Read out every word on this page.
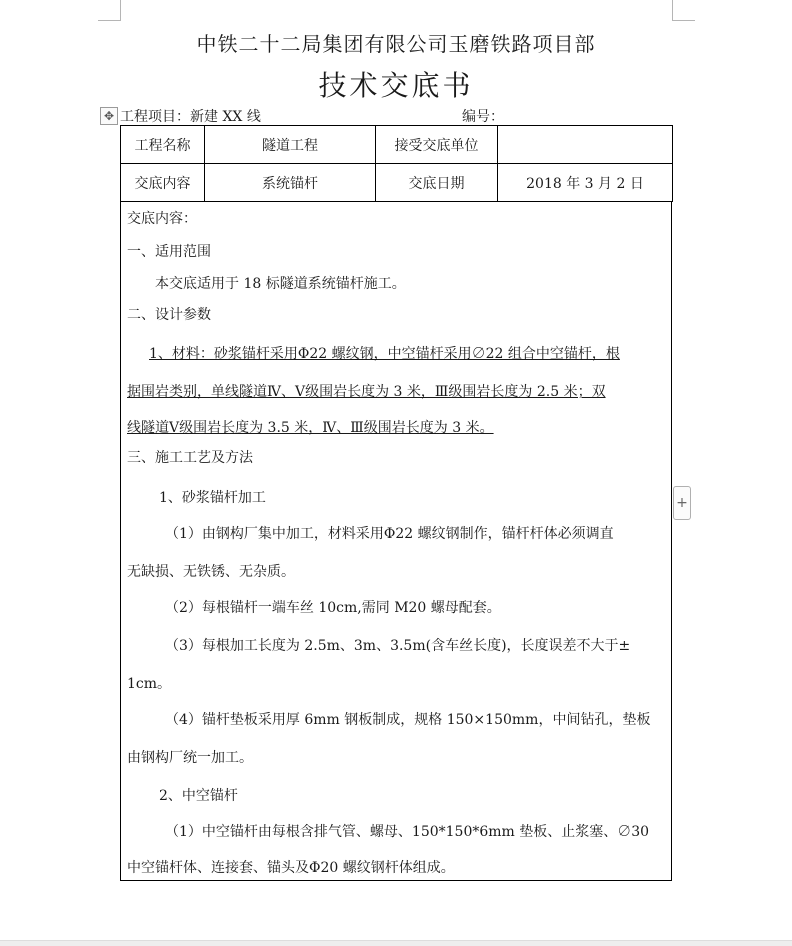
中铁二十二局集团有限公司玉磨铁路项目部
技术交底书
✥ 工程项目：新建 XX 线	编号：
工程名称	隧道工程	接受交底单位	
交底内容	系统锚杆	交底日期	2018 年 3 月 2 日
交底内容：
一、适用范围
本交底适用于 18 标隧道系统锚杆施工。
二、设计参数
1、材料：砂浆锚杆采用Φ22 螺纹钢，中空锚杆采用∅22 组合中空锚杆，根
据围岩类别，单线隧道Ⅳ、Ⅴ级围岩长度为 3 米，Ⅲ级围岩长度为 2.5 米；双
线隧道Ⅴ级围岩长度为 3.5 米，Ⅳ、Ⅲ级围岩长度为 3 米。
三、施工工艺及方法
1、砂浆锚杆加工
（1）由钢构厂集中加工，材料采用Φ22 螺纹钢制作，锚杆杆体必须调直
无缺损、无铁锈、无杂质。
（2）每根锚杆一端车丝 10cm,需同 M20 螺母配套。
（3）每根加工长度为 2.5m、3m、3.5m(含车丝长度)，长度误差不大于±
1cm。
（4）锚杆垫板采用厚 6mm 钢板制成，规格 150×150mm，中间钻孔，垫板
由钢构厂统一加工。
2、中空锚杆
（1）中空锚杆由每根含排气管、螺母、150*150*6mm 垫板、止浆塞、∅30
中空锚杆体、连接套、锚头及Φ20 螺纹钢杆体组成。
+
